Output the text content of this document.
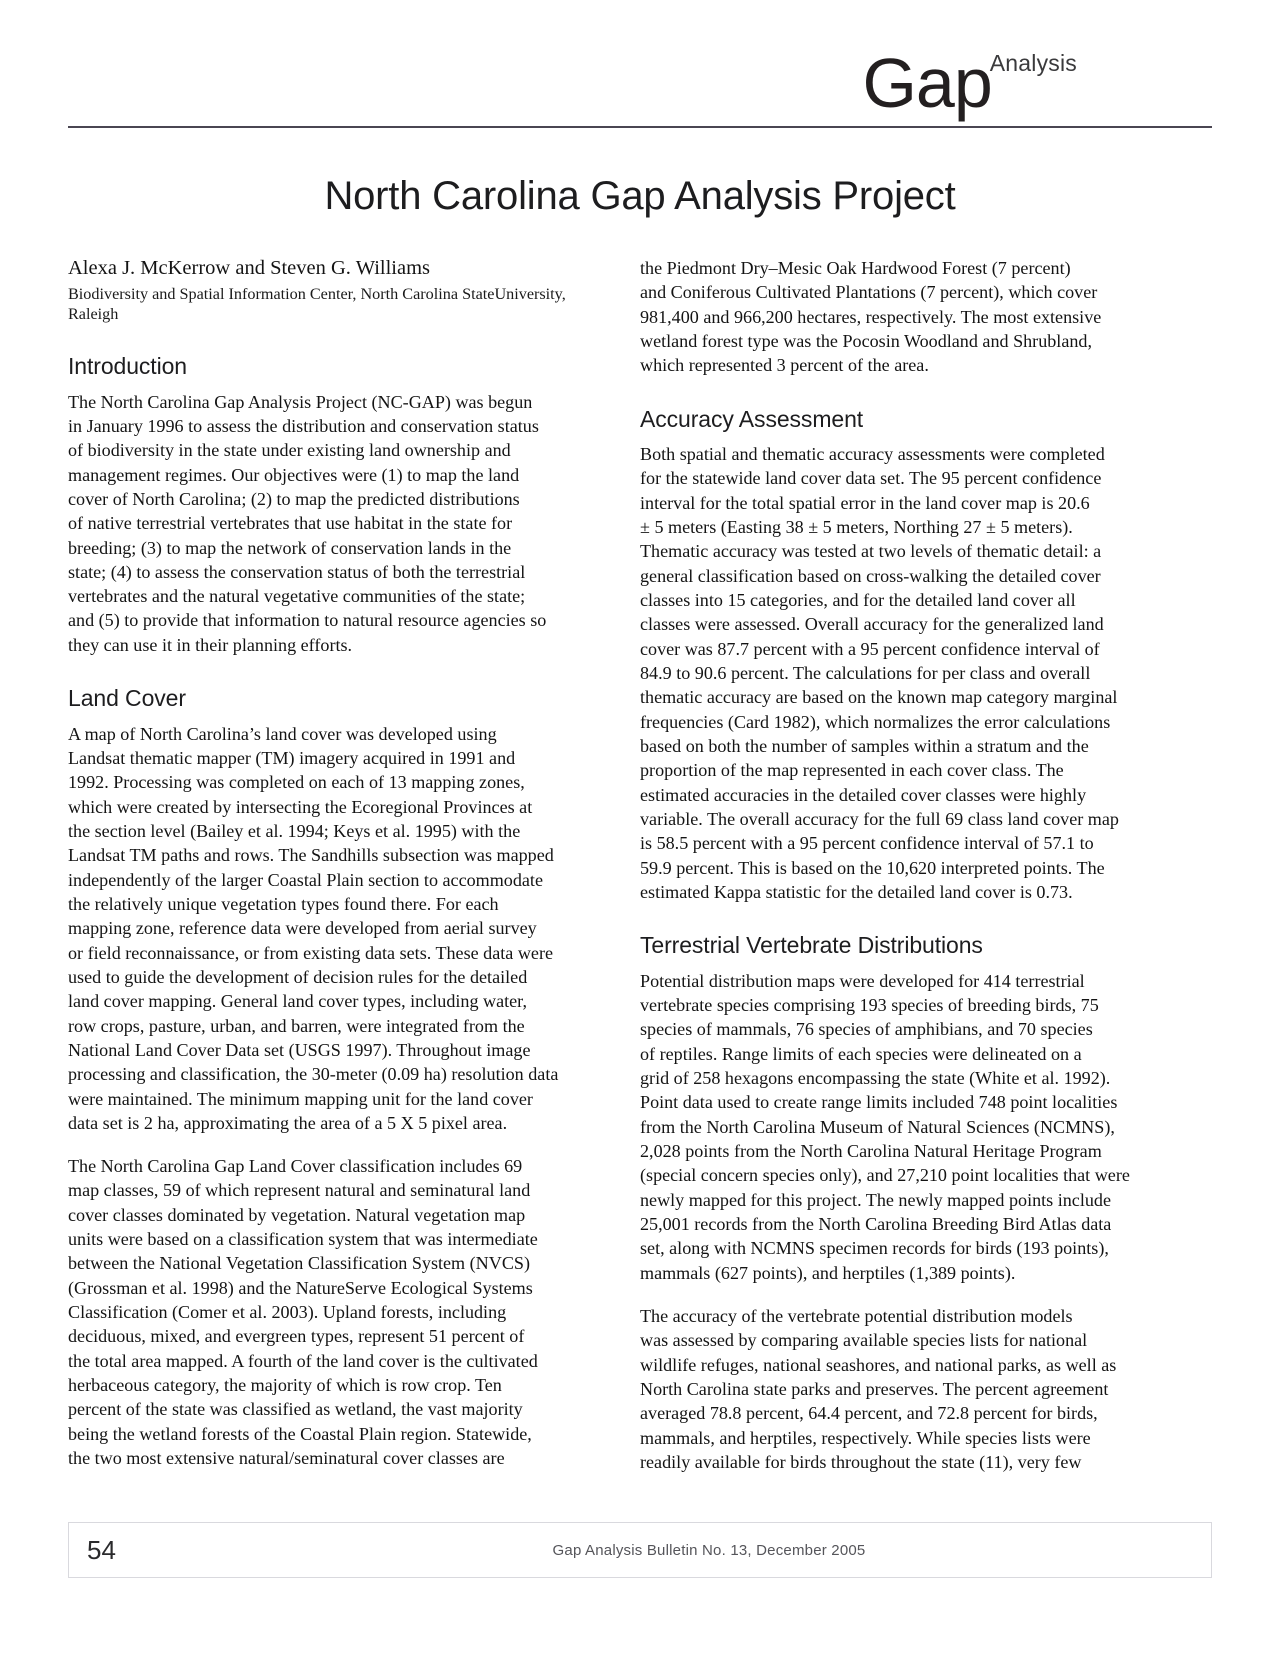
GapAnalysis
North Carolina Gap Analysis Project

Alexa J. McKerrow and Steven G. Williams

Biodiversity and Spatial Information Center, North Carolina StateUniversity, Raleigh

Introduction

The North Carolina Gap Analysis Project (NC-GAP) was begun
in January 1996 to assess the distribution and conservation status
of biodiversity in the state under existing land ownership and
management regimes. Our objectives were (1) to map the land
cover of North Carolina; (2) to map the predicted distributions
of native terrestrial vertebrates that use habitat in the state for
breeding; (3) to map the network of conservation lands in the
state; (4) to assess the conservation status of both the terrestrial
vertebrates and the natural vegetative communities of the state;
and (5) to provide that information to natural resource agencies so
they can use it in their planning efforts.

Land Cover

A map of North Carolina’s land cover was developed using
Landsat thematic mapper (TM) imagery acquired in 1991 and
1992. Processing was completed on each of 13 mapping zones,
which were created by intersecting the Ecoregional Provinces at
the section level (Bailey et al. 1994; Keys et al. 1995) with the
Landsat TM paths and rows. The Sandhills subsection was mapped
independently of the larger Coastal Plain section to accommodate
the relatively unique vegetation types found there. For each
mapping zone, reference data were developed from aerial survey
or field reconnaissance, or from existing data sets. These data were
used to guide the development of decision rules for the detailed
land cover mapping. General land cover types, including water,
row crops, pasture, urban, and barren, were integrated from the
National Land Cover Data set (USGS 1997). Throughout image
processing and classification, the 30-meter (0.09 ha) resolution data
were maintained. The minimum mapping unit for the land cover
data set is 2 ha, approximating the area of a 5 X 5 pixel area.

The North Carolina Gap Land Cover classification includes 69
map classes, 59 of which represent natural and seminatural land
cover classes dominated by vegetation. Natural vegetation map
units were based on a classification system that was intermediate
between the National Vegetation Classification System (NVCS)
(Grossman et al. 1998) and the NatureServe Ecological Systems
Classification (Comer et al. 2003). Upland forests, including
deciduous, mixed, and evergreen types, represent 51 percent of
the total area mapped. A fourth of the land cover is the cultivated
herbaceous category, the majority of which is row crop. Ten
percent of the state was classified as wetland, the vast majority
being the wetland forests of the Coastal Plain region. Statewide,
the two most extensive natural/seminatural cover classes are

the Piedmont Dry–Mesic Oak Hardwood Forest (7 percent)
and Coniferous Cultivated Plantations (7 percent), which cover
981,400 and 966,200 hectares, respectively. The most extensive
wetland forest type was the Pocosin Woodland and Shrubland,
which represented 3 percent of the area.

Accuracy Assessment

Both spatial and thematic accuracy assessments were completed
for the statewide land cover data set. The 95 percent confidence
interval for the total spatial error in the land cover map is 20.6
± 5 meters (Easting 38 ± 5 meters, Northing 27 ± 5 meters).
Thematic accuracy was tested at two levels of thematic detail: a
general classification based on cross-walking the detailed cover
classes into 15 categories, and for the detailed land cover all
classes were assessed. Overall accuracy for the generalized land
cover was 87.7 percent with a 95 percent confidence interval of
84.9 to 90.6 percent. The calculations for per class and overall
thematic accuracy are based on the known map category marginal
frequencies (Card 1982), which normalizes the error calculations
based on both the number of samples within a stratum and the
proportion of the map represented in each cover class. The
estimated accuracies in the detailed cover classes were highly
variable. The overall accuracy for the full 69 class land cover map
is 58.5 percent with a 95 percent confidence interval of 57.1 to
59.9 percent. This is based on the 10,620 interpreted points. The
estimated Kappa statistic for the detailed land cover is 0.73.

Terrestrial Vertebrate Distributions

Potential distribution maps were developed for 414 terrestrial
vertebrate species comprising 193 species of breeding birds, 75
species of mammals, 76 species of amphibians, and 70 species
of reptiles. Range limits of each species were delineated on a
grid of 258 hexagons encompassing the state (White et al. 1992).
Point data used to create range limits included 748 point localities
from the North Carolina Museum of Natural Sciences (NCMNS),
2,028 points from the North Carolina Natural Heritage Program
(special concern species only), and 27,210 point localities that were
newly mapped for this project. The newly mapped points include
25,001 records from the North Carolina Breeding Bird Atlas data
set, along with NCMNS specimen records for birds (193 points),
mammals (627 points), and herptiles (1,389 points).

The accuracy of the vertebrate potential distribution models
was assessed by comparing available species lists for national
wildlife refuges, national seashores, and national parks, as well as
North Carolina state parks and preserves. The percent agreement
averaged 78.8 percent, 64.4 percent, and 72.8 percent for birds,
mammals, and herptiles, respectively. While species lists were
readily available for birds throughout the state (11), very few

54	Gap Analysis Bulletin No. 13, December 2005
